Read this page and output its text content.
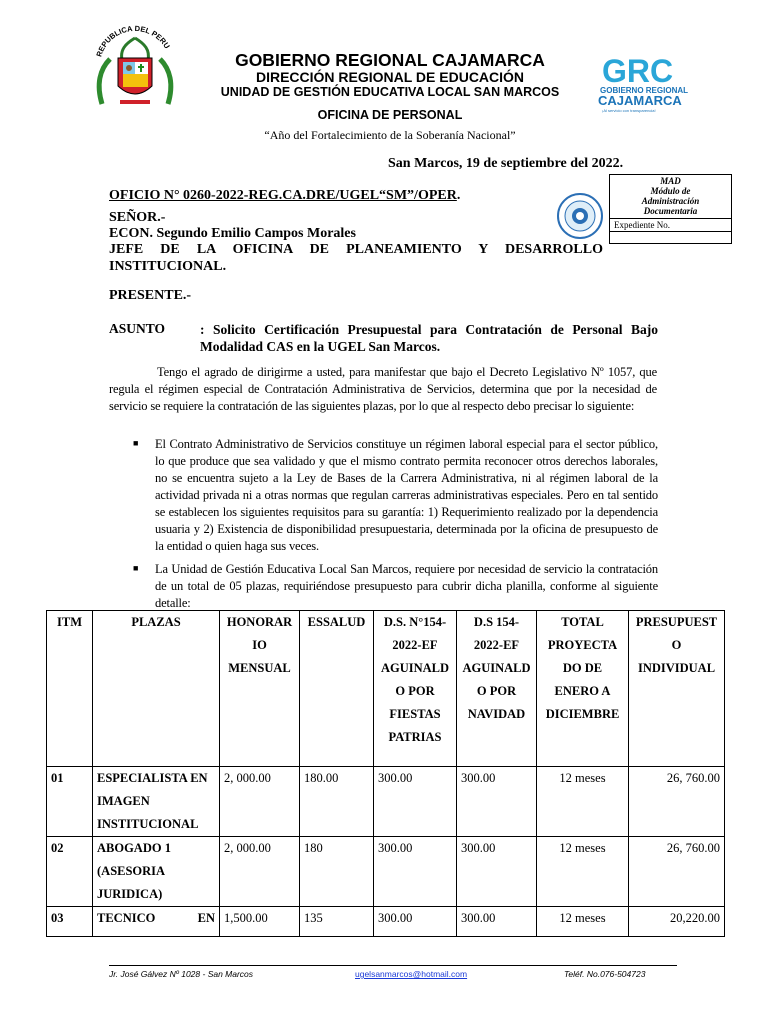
REPUBLICA DEL PERU
GOBIERNO REGIONAL CAJAMARCA
DIRECCIÓN REGIONAL DE EDUCACIÓN
UNIDAD DE GESTIÓN EDUCATIVA LOCAL SAN MARCOS
OFICINA DE PERSONAL
“Año del Fortalecimiento de la Soberanía Nacional”
GRC
GOBIERNO REGIONAL
CAJAMARCA
¡Al servicio con transparencia!
San Marcos, 19 de septiembre del 2022.
MAD
Módulo de
Administración
Documentaria
Expediente No.
OFICIO N° 0260-2022-REG.CA.DRE/UGEL“SM”/OPER.
SEÑOR.-
ECON. Segundo Emilio Campos Morales
JEFE DE LA OFICINA DE PLANEAMIENTO Y DESARROLLO INSTITUCIONAL.
PRESENTE.-
ASUNTO	: Solicito Certificación Presupuestal para Contratación de Personal Bajo Modalidad CAS en la UGEL San Marcos.
Tengo el agrado de dirigirme a usted, para manifestar que bajo el Decreto Legislativo Nº 1057, que regula el régimen especial de Contratación Administrativa de Servicios, determina que por la necesidad de servicio se requiere la contratación de las siguientes plazas, por lo que al respecto debo precisar lo siguiente:
■ El Contrato Administrativo de Servicios constituye un régimen laboral especial para el sector público, lo que produce que sea validado y que el mismo contrato permita reconocer otros derechos laborales, no se encuentra sujeto a la Ley de Bases de la Carrera Administrativa, ni al régimen laboral de la actividad privada ni a otras normas que regulan carreras administrativas especiales. Pero en tal sentido se establecen los siguientes requisitos para su garantía: 1) Requerimiento realizado por la dependencia usuaria y 2) Existencia de disponibilidad presupuestaria, determinada por la oficina de presupuesto de la entidad o quien haga sus veces.
■ La Unidad de Gestión Educativa Local San Marcos, requiere por necesidad de servicio la contratación de un total de 05 plazas, requiriéndose presupuesto para cubrir dicha planilla, conforme al siguiente detalle:
ITM	PLAZAS	HONORAR IO MENSUAL	ESSALUD	D.S. N°154-2022-EF AGUINALD O POR FIESTAS PATRIAS	D.S 154-2022-EF AGUINALD O POR NAVIDAD	TOTAL PROYECTA DO DE ENERO A DICIEMBRE	PRESUPUEST O INDIVIDUAL
01	ESPECIALISTA EN IMAGEN INSTITUCIONAL	2, 000.00	180.00	300.00	300.00	12 meses	26, 760.00
02	ABOGADO 1 (ASESORIA JURIDICA)	2, 000.00	180	300.00	300.00	12 meses	26, 760.00
03	TECNICO EN	1,500.00	135	300.00	300.00	12 meses	20,220.00
Jr. José Gálvez Nº 1028 - San Marcos	ugelsanmarcos@hotmail.com	Teléf. No.076-504723
